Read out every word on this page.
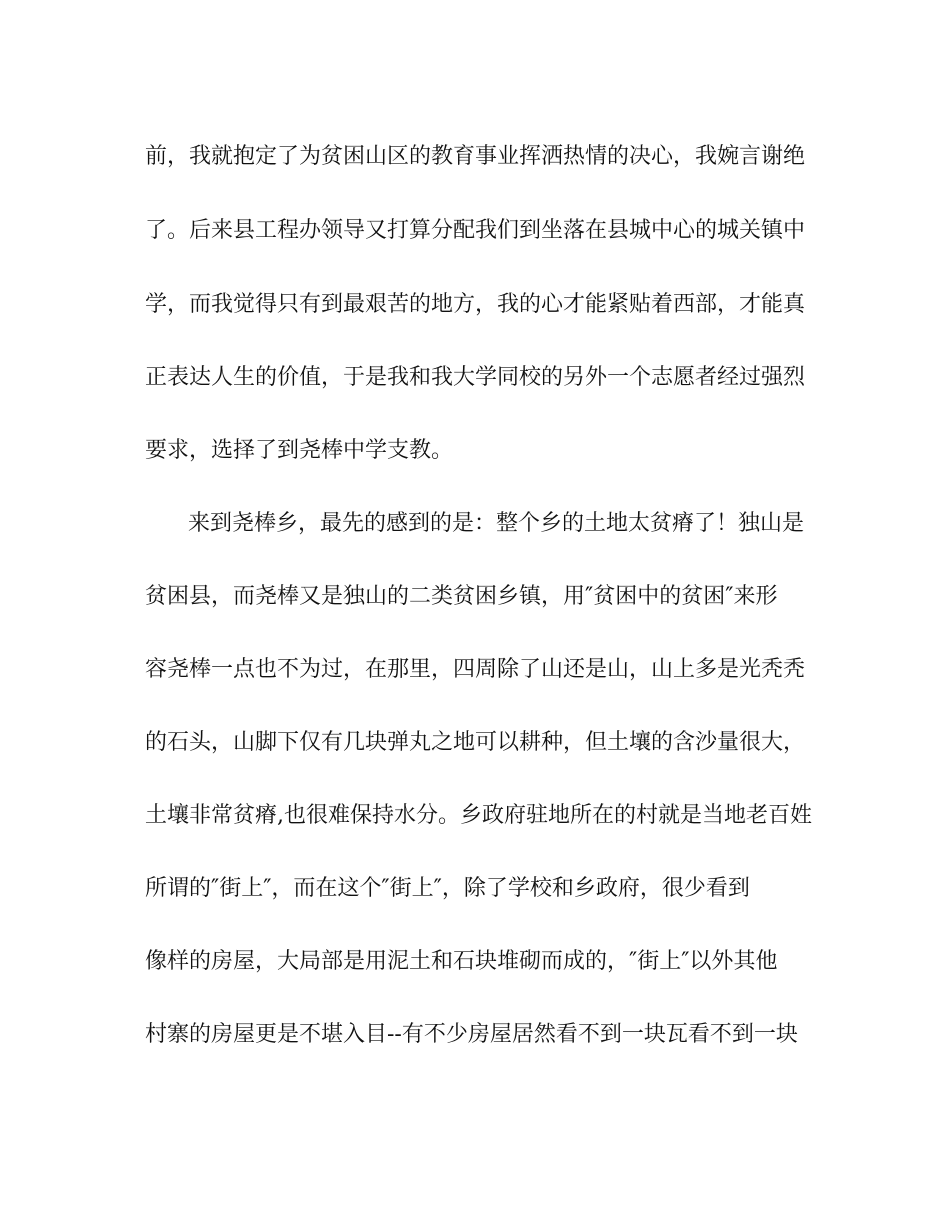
前，我就抱定了为贫困山区的教育事业挥洒热情的决心，我婉言谢绝
了。后来县工程办领导又打算分配我们到坐落在县城中心的城关镇中
学，而我觉得只有到最艰苦的地方，我的心才能紧贴着西部，才能真
正表达人生的价值，于是我和我大学同校的另外一个志愿者经过强烈
要求，选择了到尧棒中学支教。
来到尧棒乡，最先的感到的是：整个乡的土地太贫瘠了！独山是
贫困县，而尧棒又是独山的二类贫困乡镇，用″贫困中的贫困″来形
容尧棒一点也不为过，在那里，四周除了山还是山，山上多是光秃秃
的石头，山脚下仅有几块弹丸之地可以耕种，但土壤的含沙量很大，
土壤非常贫瘠,也很难保持水分。乡政府驻地所在的村就是当地老百姓
所谓的″街上″，而在这个″街上″，除了学校和乡政府，很少看到
像样的房屋，大局部是用泥土和石块堆砌而成的，″街上″以外其他
村寨的房屋更是不堪入目--有不少房屋居然看不到一块瓦看不到一块
